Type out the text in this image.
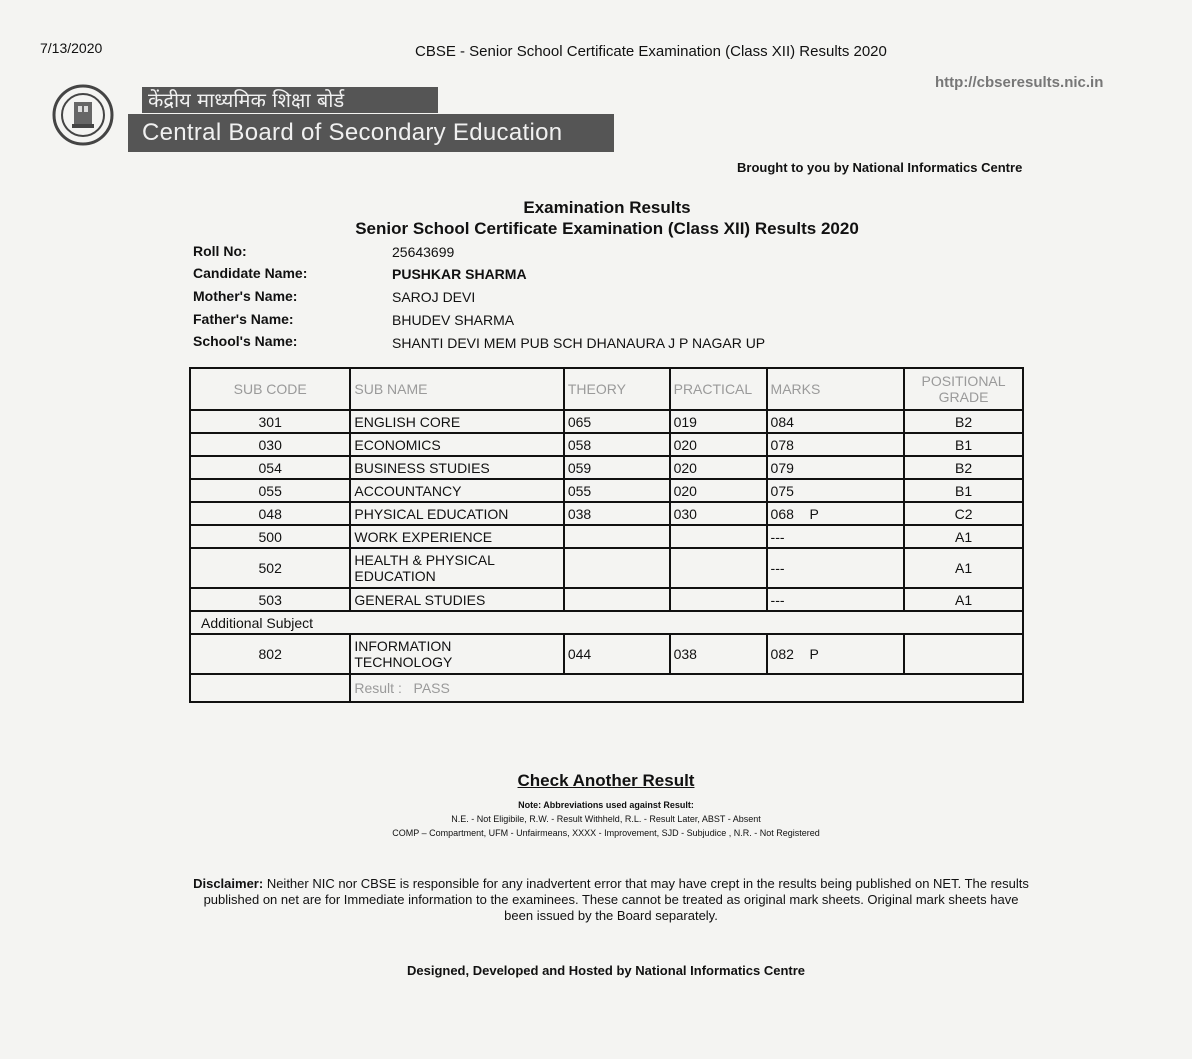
7/13/2020	CBSE - Senior School Certificate Examination (Class XII) Results 2020
http://cbseresults.nic.in
केंद्रीय माध्यमिक शिक्षा बोर्ड
Central Board of Secondary Education
Brought to you by National Informatics Centre
Examination Results
Senior School Certificate Examination (Class XII) Results 2020
Roll No:	25643699
Candidate Name:	PUSHKAR SHARMA
Mother's Name:	SAROJ DEVI
Father's Name:	BHUDEV SHARMA
School's Name:	SHANTI DEVI MEM PUB SCH DHANAURA J P NAGAR UP
SUB CODE	SUB NAME	THEORY	PRACTICAL	MARKS	POSITIONAL
GRADE

301	ENGLISH CORE	065	019	084	B2
030	ECONOMICS	058	020	078	B1
054	BUSINESS STUDIES	059	020	079	B2
055	ACCOUNTANCY	055	020	075	B1
048	PHYSICAL EDUCATION	038	030	068 P	C2
500	WORK EXPERIENCE			---	A1
502	HEALTH & PHYSICAL
EDUCATION			---	A1
503	GENERAL STUDIES			---	A1
Additional Subject					
802	INFORMATION
TECHNOLOGY	044	038	082 P	
	Result : PASS				
Check Another Result
Note: Abbreviations used against Result:
N.E. - Not Eligibile, R.W. - Result Withheld, R.L. - Result Later, ABST - Absent
COMP – Compartment, UFM - Unfairmeans, XXXX - Improvement, SJD - Subjudice , N.R. - Not Registered
Disclaimer: Neither NIC nor CBSE is responsible for any inadvertent error that may have crept in the results being published on NET. The results published on net are for Immediate information to the examinees. These cannot be treated as original mark sheets. Original mark sheets have been issued by the Board separately.
Designed, Developed and Hosted by National Informatics Centre
